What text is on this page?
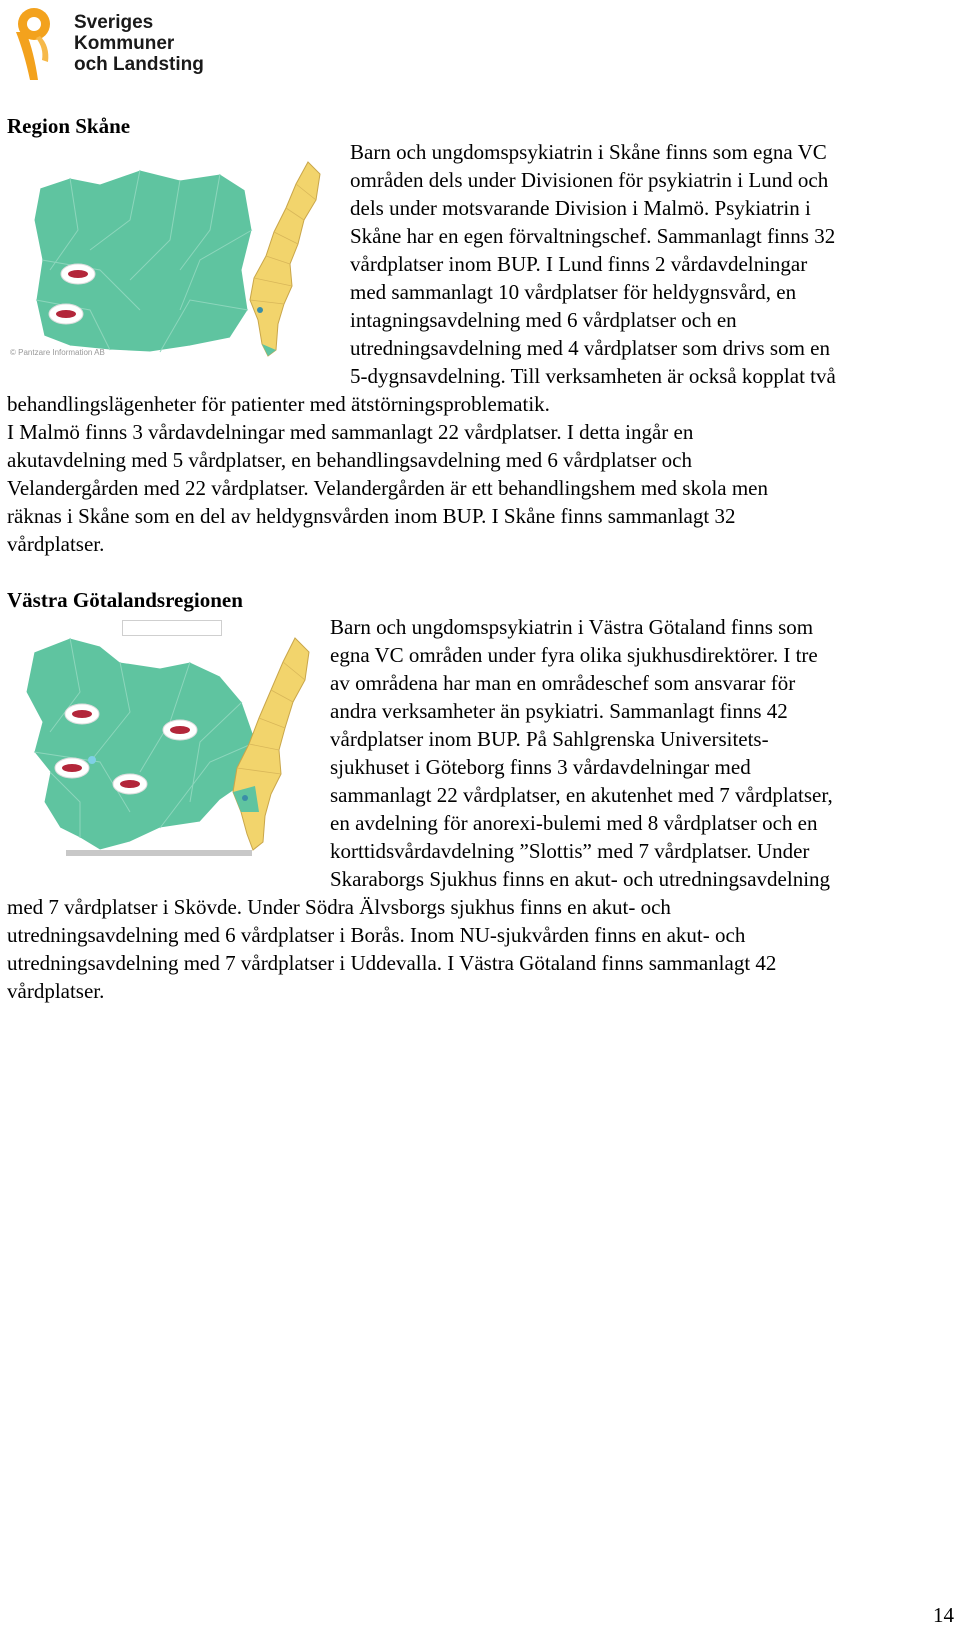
Sveriges
Kommuner
och Landsting
Region Skåne
© Pantzare Information AB
Barn och ungdomspsykiatrin i Skåne finns som egna VC
områden dels under Divisionen för psykiatrin i Lund och
dels under motsvarande Division i Malmö. Psykiatrin i
Skåne har en egen förvaltningschef. Sammanlagt finns 32
vårdplatser inom BUP. I Lund finns 2 vårdavdelningar
med sammanlagt 10 vårdplatser för heldygnsvård, en
intagningsavdelning med 6 vårdplatser och en
utredningsavdelning med 4 vårdplatser som drivs som en
5-dygnsavdelning. Till verksamheten är också kopplat två
behandlingslägenheter för patienter med ätstörningsproblematik.
I Malmö finns 3 vårdavdelningar med sammanlagt 22 vårdplatser. I detta ingår en
akutavdelning med 5 vårdplatser, en behandlingsavdelning med 6 vårdplatser och
Velandergården med 22 vårdplatser. Velandergården är ett behandlingshem med skola men
räknas i Skåne som en del av heldygnsvården inom BUP. I Skåne finns sammanlagt 32
vårdplatser.
Västra Götalandsregionen
Barn och ungdomspsykiatrin i Västra Götaland finns som
egna VC områden under fyra olika sjukhusdirektörer. I tre
av områdena har man en områdeschef som ansvarar för
andra verksamheter än psykiatri. Sammanlagt finns 42
vårdplatser inom BUP. På Sahlgrenska Universitets-
sjukhuset i Göteborg finns 3 vårdavdelningar med
sammanlagt 22 vårdplatser, en akutenhet med 7 vårdplatser,
en avdelning för anorexi-bulemi med 8 vårdplatser och en
korttidsvårdavdelning ”Slottis” med 7 vårdplatser. Under
Skaraborgs Sjukhus finns en akut- och utredningsavdelning
med 7 vårdplatser i Skövde. Under Södra Älvsborgs sjukhus finns en akut- och
utredningsavdelning med 6 vårdplatser i Borås. Inom NU-sjukvården finns en akut- och
utredningsavdelning med 7 vårdplatser i Uddevalla. I Västra Götaland finns sammanlagt 42
vårdplatser.
14
